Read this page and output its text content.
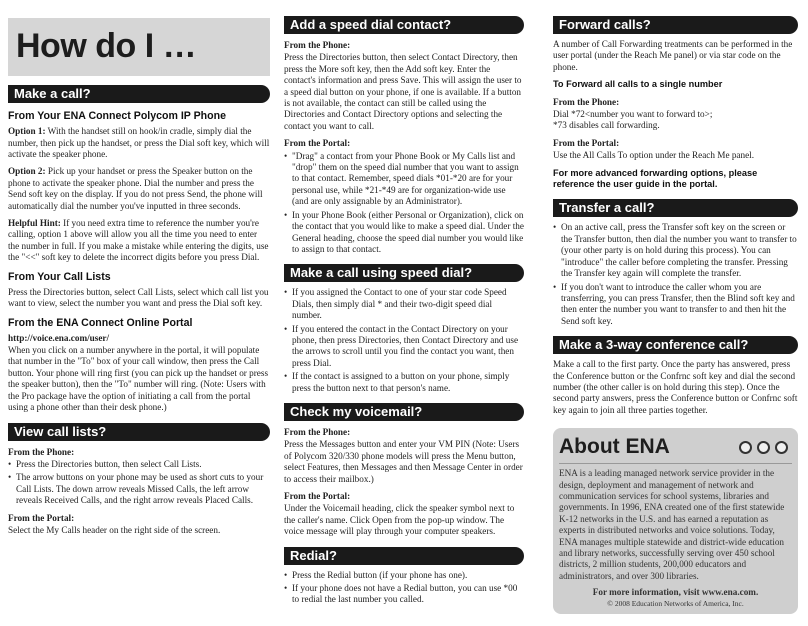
How do I …
Make a call?
From Your ENA Connect Polycom IP Phone

Option 1: With the handset still on hook/in cradle, simply dial the number, then pick up the handset, or press the Dial soft key, which will activate the speaker phone.

Option 2: Pick up your handset or press the Speaker button on the phone to activate the speaker phone. Dial the number and press the Send soft key on the display. If you do not press Send, the phone will automatically dial the number you've inputted in three seconds.

Helpful Hint: If you need extra time to reference the number you're calling, option 1 above will allow you all the time you need to enter the number in full. If you make a mistake while entering the digits, use the "<<" soft key to delete the incorrect digits before you press Dial.

From Your Call Lists

Press the Directories button, select Call Lists, select which call list you want to view, select the number you want and press the Dial soft key.

From the ENA Connect Online Portal
http://voice.ena.com/user/

When you click on a number anywhere in the portal, it will populate that number in the "To" box of your call window, then press the Call button. Your phone will ring first (you can pick up the handset or press the speaker button), then the "To" number will ring. (Note: Users with the Pro package have the option of initiating a call from the portal using a phone other than their desk phone.)

View call lists?
From the Phone:
• Press the Directories button, then select Call Lists.
• The arrow buttons on your phone may be used as short cuts to your Call Lists. The down arrow reveals Missed Calls, the left arrow reveals Received Calls, and the right arrow reveals Placed Calls.
From the Portal:

Select the My Calls header on the right side of the screen.

Add a speed dial contact?
From the Phone:

Press the Directories button, then select Contact Directory, then press the More soft key, then the Add soft key. Enter the contact's information and press Save. This will assign the user to a speed dial button on your phone, if one is available. If a button is not available, the contact can still be called using the Directories and Contact Directory options and selecting the contact you want to call.

From the Portal:
• "Drag" a contact from your Phone Book or My Calls list and "drop" them on the speed dial number that you want to assign to that contact. Remember, speed dials *01-*20 are for your personal use, while *21-*49 are for organization-wide use (and are only assignable by an Administrator).
• In your Phone Book (either Personal or Organization), click on the contact that you would like to make a speed dial. Under the General heading, choose the speed dial number you would like to assign to that contact.
Make a call using speed dial?
• If you assigned the Contact to one of your star code Speed Dials, then simply dial * and their two-digit speed dial number.
• If you entered the contact in the Contact Directory on your phone, then press Directories, then Contact Directory and use the arrows to scroll until you find the contact you want, then press Dial.
• If the contact is assigned to a button on your phone, simply press the button next to that person's name.
Check my voicemail?
From the Phone:

Press the Messages button and enter your VM PIN (Note: Users of Polycom 320/330 phone models will press the Menu button, select Features, then Messages and then Message Center in order to access their mailbox.)

From the Portal:

Under the Voicemail heading, click the speaker symbol next to the caller's name. Click Open from the pop-up window. The voice message will play through your computer speakers.

Redial?
• Press the Redial button (if your phone has one).
• If your phone does not have a Redial button, you can use *00 to redial the last number you called.
Forward calls?

A number of Call Forwarding treatments can be performed in the user portal (under the Reach Me panel) or via star code on the phone.

To Forward all calls to a single number
From the Phone:
Dial *72<number you want to forward to>;
*73 disables call forwarding.
From the Portal:

Use the All Calls To option under the Reach Me panel.

For more advanced forwarding options, please reference the user guide in the portal.
Transfer a call?
• On an active call, press the Transfer soft key on the screen or the Transfer button, then dial the number you want to transfer to (your other party is on hold during this process). You can "introduce" the caller before completing the transfer. Pressing the Transfer key again will complete the transfer.
• If you don't want to introduce the caller whom you are transferring, you can press Transfer, then the Blind soft key and then enter the number you want to transfer to and then hit the Send soft key.
Make a 3-way conference call?

Make a call to the first party. Once the party has answered, press the Conference button or the Confrnc soft key and dial the second number (the other caller is on hold during this step). Once the second party answers, press the Conference button or Confrnc soft key again to join all three parties together.

About ENA

ENA is a leading managed network service provider in the design, deployment and management of network and communication services for school systems, libraries and governments. In 1996, ENA created one of the first statewide K-12 networks in the U.S. and has earned a reputation as experts in distributed networks and voice solutions. Today, ENA manages multiple statewide and district-wide education and library networks, successfully serving over 450 school districts, 2 million students, 200,000 educators and administrators, and over 300 libraries.

For more information, visit www.ena.com.

© 2008 Education Networks of America, Inc.
